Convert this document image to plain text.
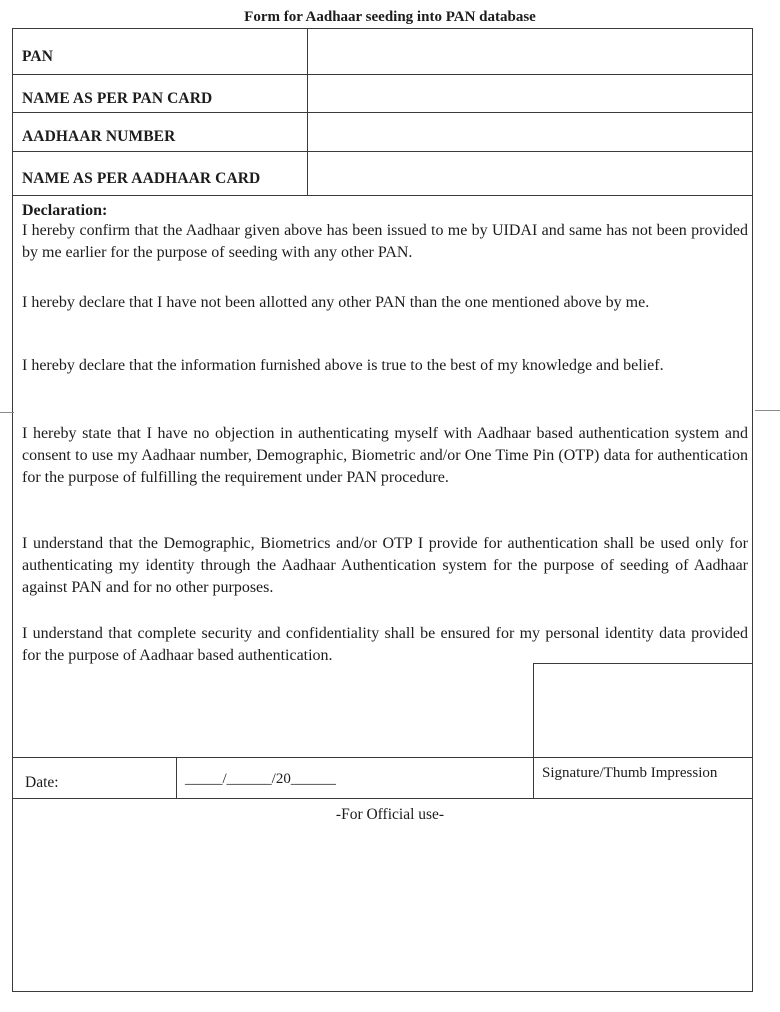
Form for Aadhaar seeding into PAN database
PAN
NAME AS PER PAN CARD
AADHAAR NUMBER
NAME AS PER AADHAAR CARD
Declaration:
I hereby confirm that the Aadhaar given above has been issued to me by UIDAI and same has not been provided by me earlier for the purpose of seeding with any other PAN.
I hereby declare that I have not been allotted any other PAN than the one mentioned above by me.
I hereby declare that the information furnished above is true to the best of my knowledge and belief.
I hereby state that I have no objection in authenticating myself with Aadhaar based authentication system and consent to use my Aadhaar number, Demographic, Biometric and/or One Time Pin (OTP) data for authentication for the purpose of fulfilling the requirement under PAN procedure.
I understand that the Demographic, Biometrics and/or OTP I provide for authentication shall be used only for authenticating my identity through the Aadhaar Authentication system for the purpose of seeding of Aadhaar against PAN and for no other purposes.
I understand that complete security and confidentiality shall be ensured for my personal identity data provided for the purpose of Aadhaar based authentication.
Date:	_____/______/20______	Signature/Thumb Impression
-For Official use-
